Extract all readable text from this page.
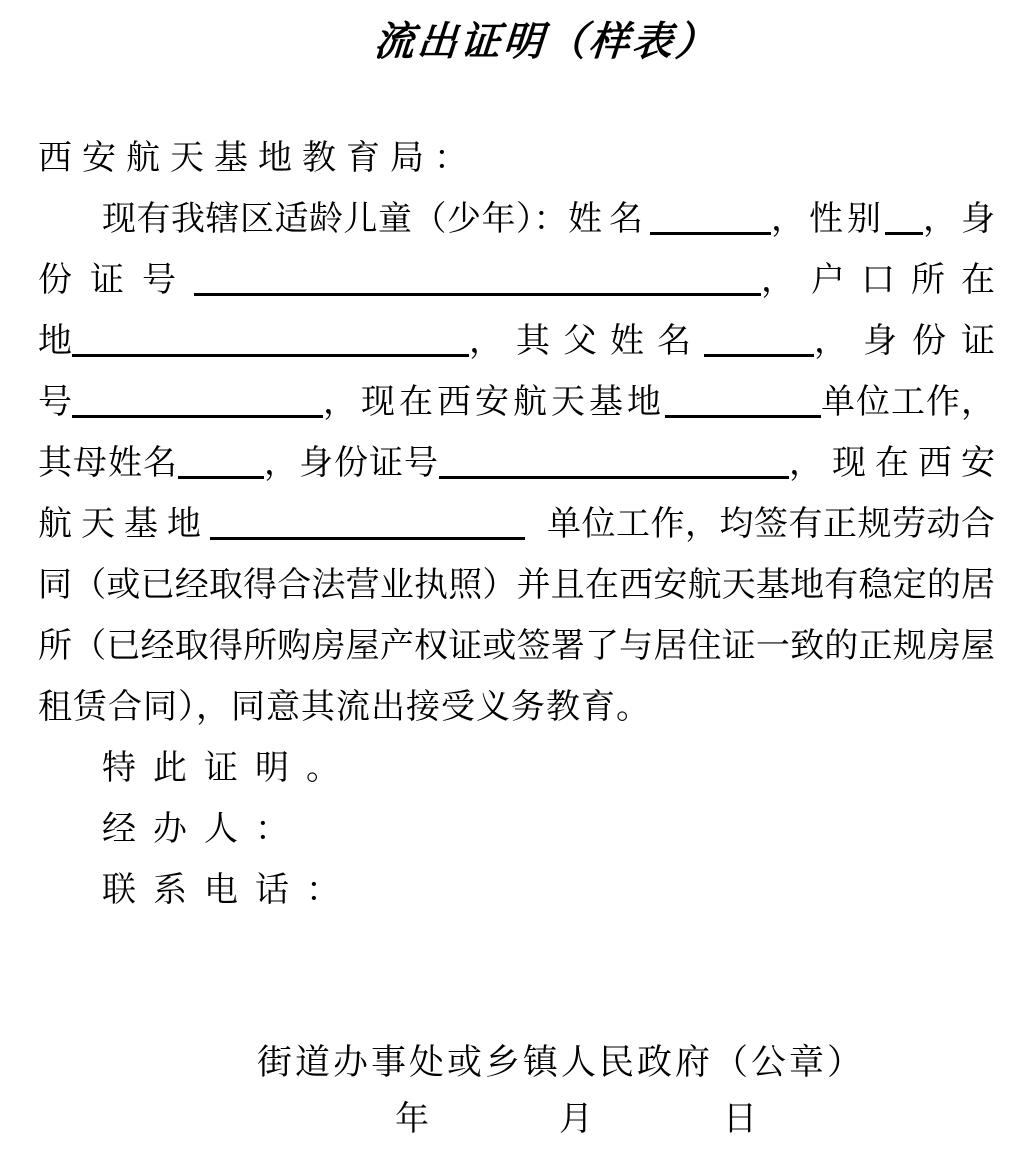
流出证明（样表）
西安航天基地教育局：
现有我辖区适龄儿童（少年）： 姓名	，性别 ，身
份证号	，户口所在
地	，其父姓名	，身份证
号	，现在西安航天基地	单位工作，
其母姓名	，身份证号	，现在西安
航天基地	单位工作，均签有正规劳动合
同（或已经取得合法营业执照）并且在西安航天基地有稳定的居
所（已经取得所购房屋产权证或签署了与居住证一致的正规房屋
租赁合同），同意其流出接受义务教育。
特此证明。
经办人：
联系电话：
街道办事处或乡镇人民政府（公章）
年	月	日
